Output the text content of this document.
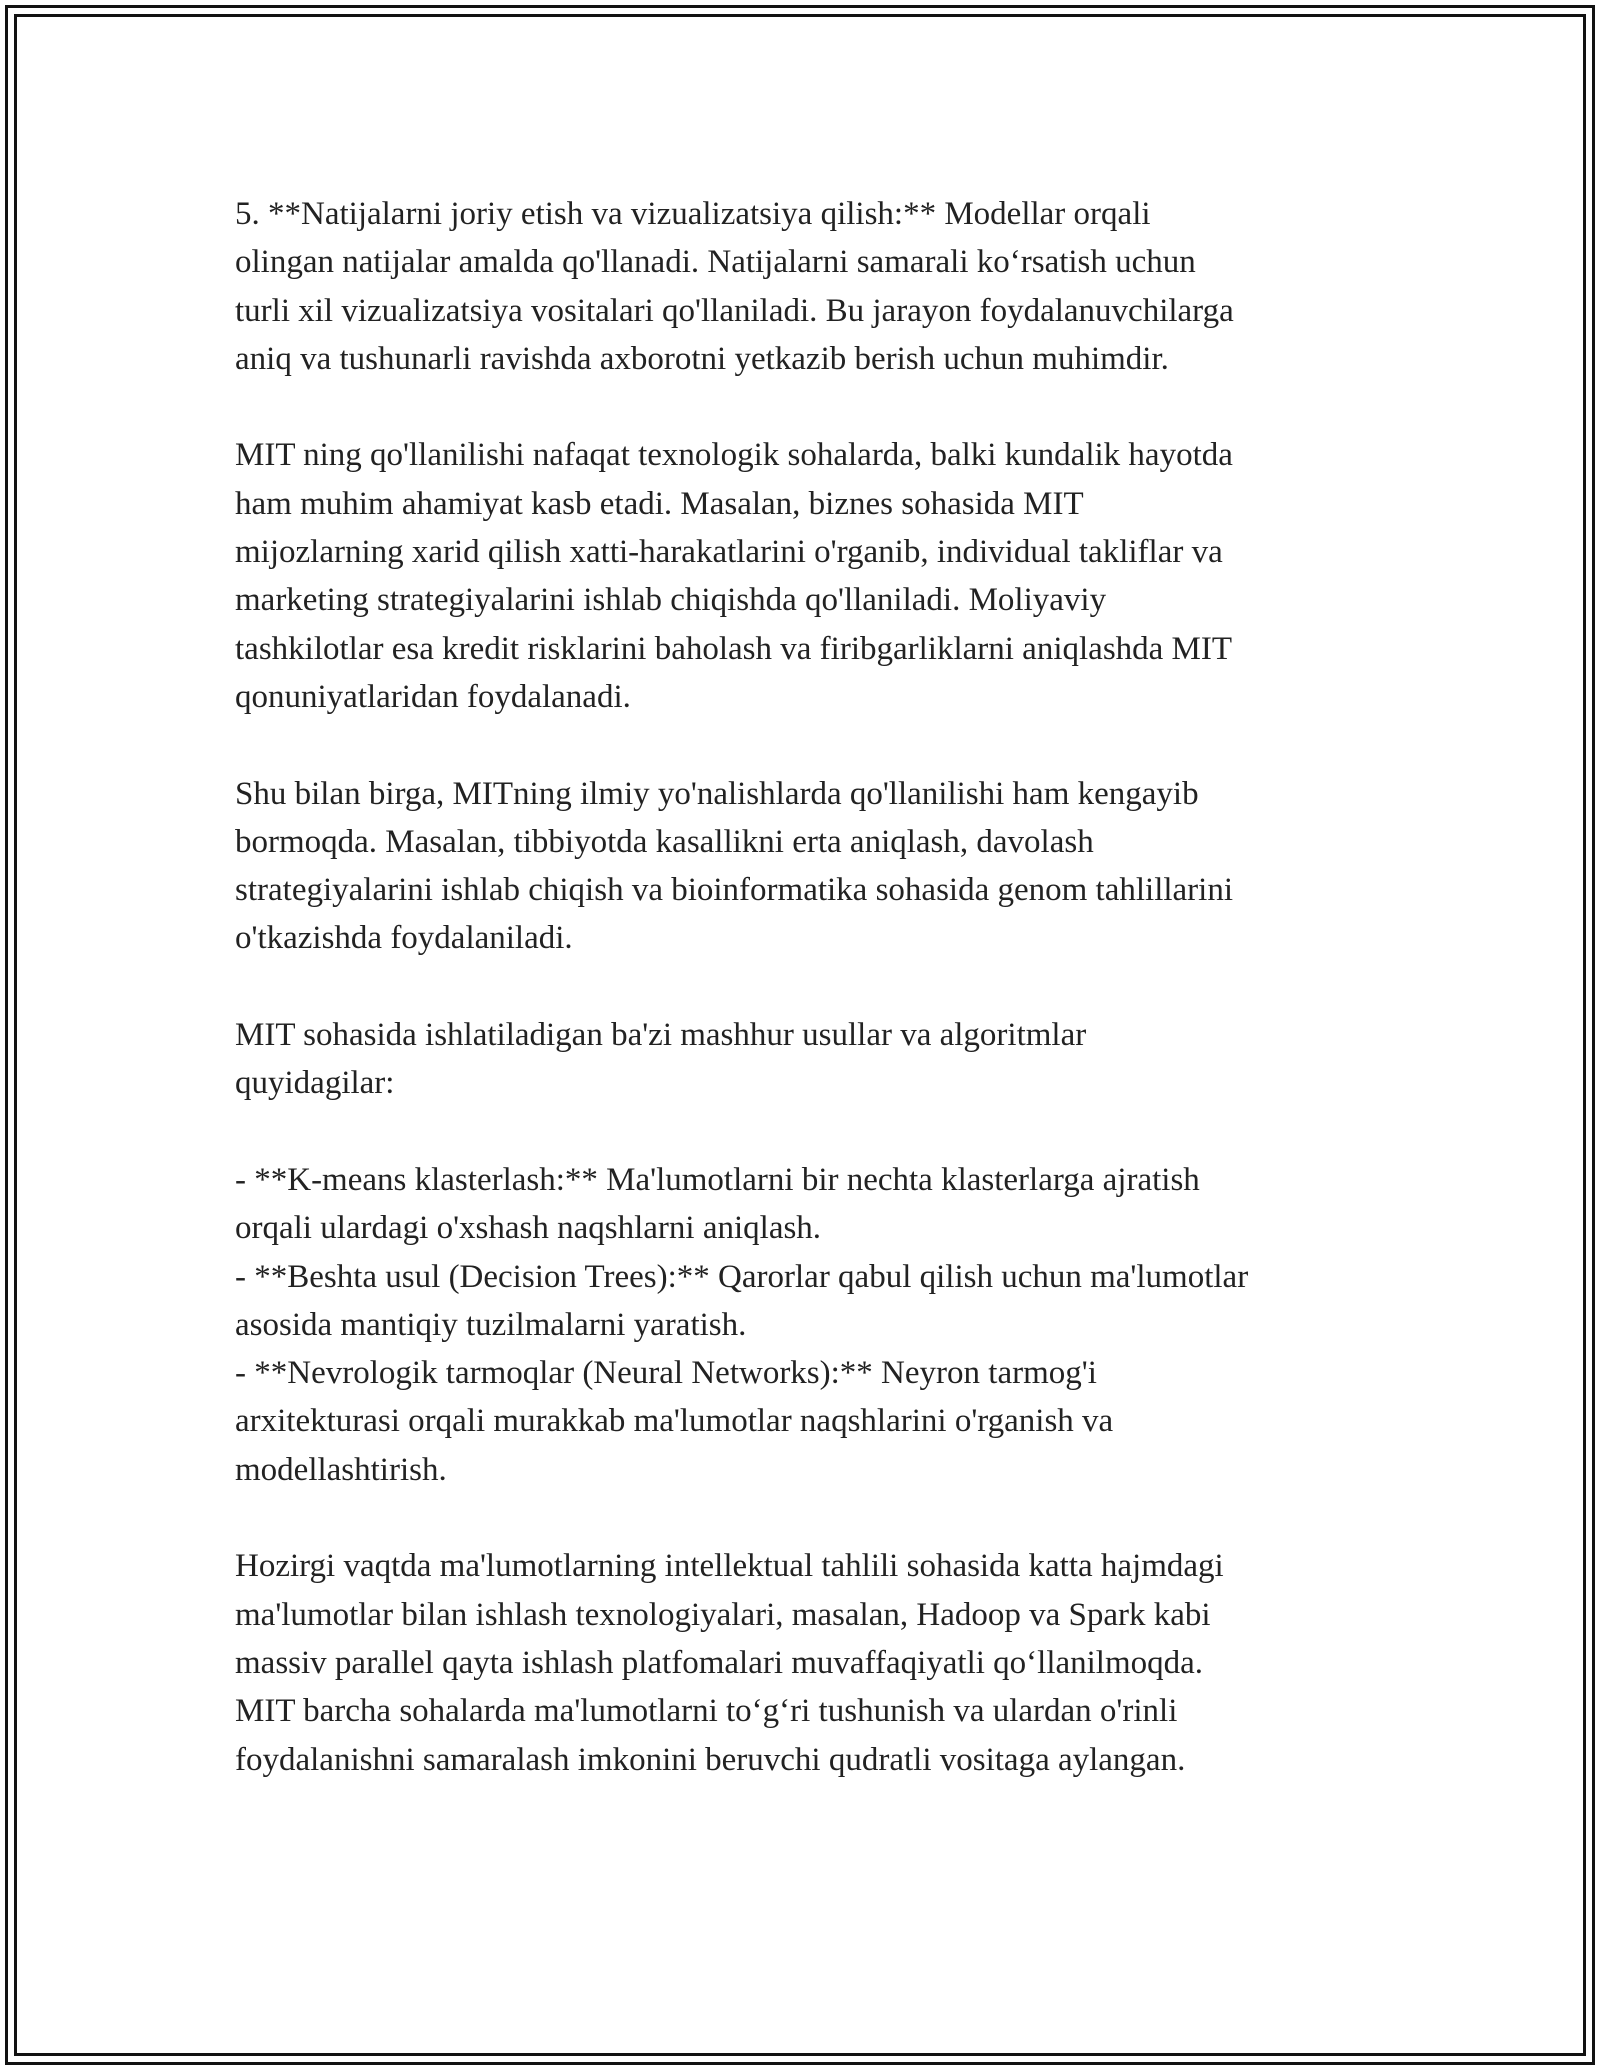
5. **Natijalarni joriy etish va vizualizatsiya qilish:** Modellar orqali
olingan natijalar amalda qo'llanadi. Natijalarni samarali ko‘rsatish uchun
turli xil vizualizatsiya vositalari qo'llaniladi. Bu jarayon foydalanuvchilarga
aniq va tushunarli ravishda axborotni yetkazib berish uchun muhimdir.

MIT ning qo'llanilishi nafaqat texnologik sohalarda, balki kundalik hayotda
ham muhim ahamiyat kasb etadi. Masalan, biznes sohasida MIT
mijozlarning xarid qilish xatti-harakatlarini o'rganib, individual takliflar va
marketing strategiyalarini ishlab chiqishda qo'llaniladi. Moliyaviy
tashkilotlar esa kredit risklarini baholash va firibgarliklarni aniqlashda MIT
qonuniyatlaridan foydalanadi.

Shu bilan birga, MITning ilmiy yo'nalishlarda qo'llanilishi ham kengayib
bormoqda. Masalan, tibbiyotda kasallikni erta aniqlash, davolash
strategiyalarini ishlab chiqish va bioinformatika sohasida genom tahlillarini
o'tkazishda foydalaniladi.

MIT sohasida ishlatiladigan ba'zi mashhur usullar va algoritmlar
quyidagilar:

- **K-means klasterlash:** Ma'lumotlarni bir nechta klasterlarga ajratish
orqali ulardagi o'xshash naqshlarni aniqlash.

- **Beshta usul (Decision Trees):** Qarorlar qabul qilish uchun ma'lumotlar
asosida mantiqiy tuzilmalarni yaratish.

- **Nevrologik tarmoqlar (Neural Networks):** Neyron tarmog'i
arxitekturasi orqali murakkab ma'lumotlar naqshlarini o'rganish va
modellashtirish.

Hozirgi vaqtda ma'lumotlarning intellektual tahlili sohasida katta hajmdagi
ma'lumotlar bilan ishlash texnologiyalari, masalan, Hadoop va Spark kabi
massiv parallel qayta ishlash platfomalari muvaffaqiyatli qo‘llanilmoqda.
MIT barcha sohalarda ma'lumotlarni to‘g‘ri tushunish va ulardan o'rinli
foydalanishni samaralash imkonini beruvchi qudratli vositaga aylangan.
